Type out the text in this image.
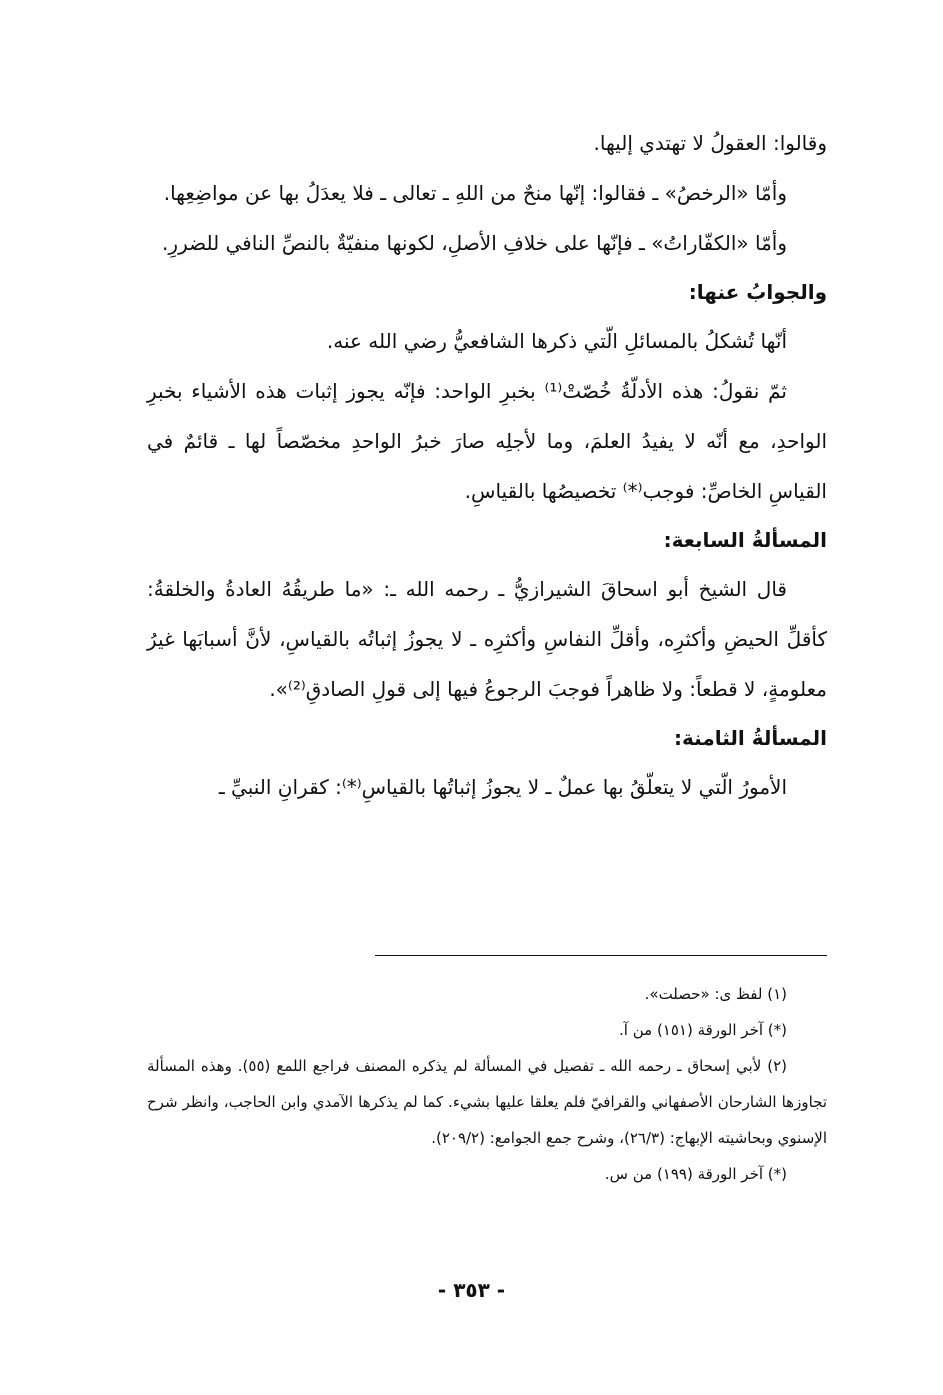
وقالوا: العقولُ لا تهتدي إليها.

وأمّا «الرخصُ» ـ فقالوا: إنّها منحٌ من اللهِ ـ تعالى ـ فلا يعدَلُ بها عن مواضِعِها.

وأمّا «الكفّاراتُ» ـ فإنّها على خلافِ الأصلِ، لكونها منفيّةٌ بالنصِّ النافي للضررِ.

والجوابُ عنها:

أنّها تُشكلُ بالمسائلِ الّتي ذكرها الشافعيُّ رضي الله عنه.

ثمّ نقولُ: هذه الأدلّةُ خُصّتْ⁽¹⁾ بخبرِ الواحد: فإنّه يجوز إثبات هذه الأشياء بخبرِ الواحدِ، مع أنّه لا يفيدُ العلمَ، وما لأجلِه صارَ خبرُ الواحدِ مخصّصاً لها ـ قائمٌ في القياسِ الخاصِّ: فوجب⁽*⁾ تخصيصُها بالقياسِ.

المسألةُ السابعة:

قال الشيخ أبو اسحاقَ الشيرازيُّ ـ رحمه الله ـ: «ما طريقُهُ العادةُ والخلقةُ: كأقلِّ الحيضِ وأكثرِه، وأقلِّ النفاسِ وأكثرِه ـ لا يجوزُ إثباتُه بالقياسِ، لأنَّ أسبابَها غيرُ معلومةٍ، لا قطعاً: ولا ظاهراً فوجبَ الرجوعُ فيها إلى قولِ الصادقِ⁽²⁾».

المسألةُ الثامنة:

الأمورُ الّتي لا يتعلّقُ بها عملٌ ـ لا يجوزُ إثباتُها بالقياسِ⁽*⁾: كقرانِ النبيِّ ـ

(١) لفظ ى: «حصلت».

(*) آخر الورقة (١٥١) من آ.

(٢) لأبي إسحاق ـ رحمه الله ـ تفصيل في المسألة لم يذكره المصنف فراجع اللمع (٥٥). وهذه المسألة تجاوزها الشارحان الأصفهاني والقرافيّ فلم يعلقا عليها بشيء. كما لم يذكرها الآمدي وابن الحاجب، وانظر شرح الإسنوي وبحاشيته الإبهاج: (٢٦/٣)، وشرح جمع الجوامع: (٢٠٩/٢).

(*) آخر الورقة (١٩٩) من س.

- ٣٥٣ -
